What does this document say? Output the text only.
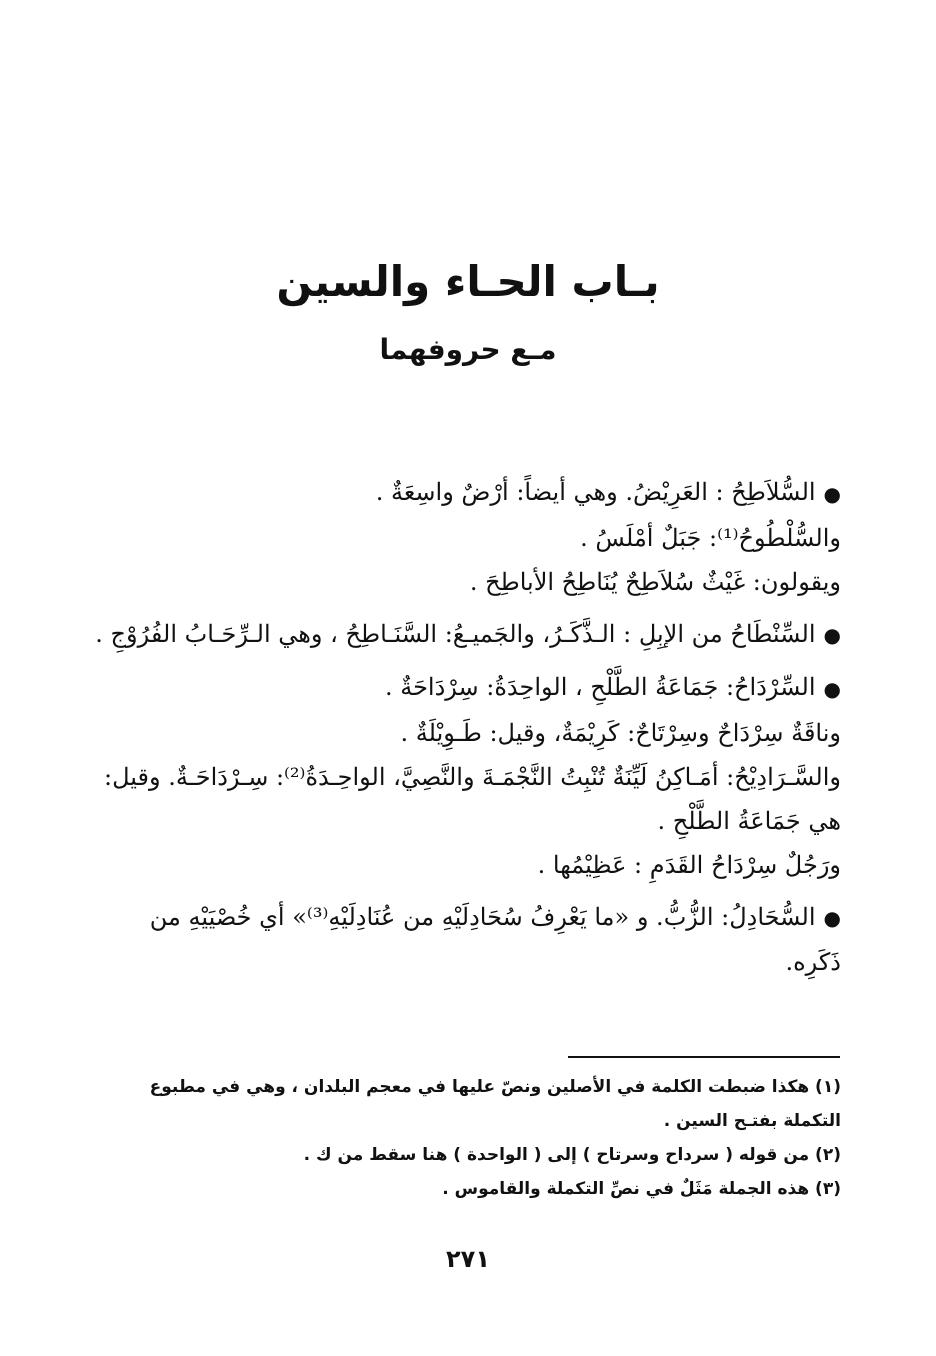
بـاب الحـاء والسين
مـع حروفهما
●السُّلاَطِحُ : العَرِيْضُ. وهي أيضاً: أرْضٌ واسِعَةٌ .
والسُّلْطُوحُ⁽¹⁾: جَبَلٌ أمْلَسُ .
ويقولون: غَيْثٌ سُلاَطِحٌ يُنَاطِحُ الأباطِحَ .
●السِّنْطَاحُ من الإبِلِ : الـذَّكَـرُ، والجَميـعُ: السَّنَـاطِحُ ، وهي الـرِّحَـابُ الفُرُوْجِ .
●السِّرْدَاحُ: جَمَاعَةُ الطَّلْحِ ، الواحِدَةُ: سِرْدَاحَةٌ .
وناقَةٌ سِرْدَاحٌ وسِرْتَاحٌ: كَرِيْمَةٌ، وقيل: طَـوِيْلَةٌ .
والسَّـرَادِيْحُ: أمَـاكِنُ لَيِّنَةٌ تُنْبِتُ النَّجْمَـةَ والنَّصِيَّ، الواحِـدَةُ⁽²⁾: سِـرْدَاحَـةٌ. وقيل: هي جَمَاعَةُ الطَّلْحِ .
ورَجُلٌ سِرْدَاحُ القَدَمِ : عَظِيْمُها .
●السُّحَادِلُ: الزُّبُّ. و «ما يَعْرِفُ سُحَادِلَيْهِ من عُنَادِلَيْهِ⁽³⁾» أي خُصْيَيْهِ من ذَكَرِه.
(١) هكذا ضبطت الكلمة في الأصلين ونصّ عليها في معجم البلدان ، وهي في مطبوع التكملة بفتـح السين .
(٢) من قوله ( سرداح وسرتاح ) إلى ( الواحدة ) هنا سقط من ك .
(٣) هذه الجملة مَثَلٌ في نصِّ التكملة والقاموس .
٢٧١
